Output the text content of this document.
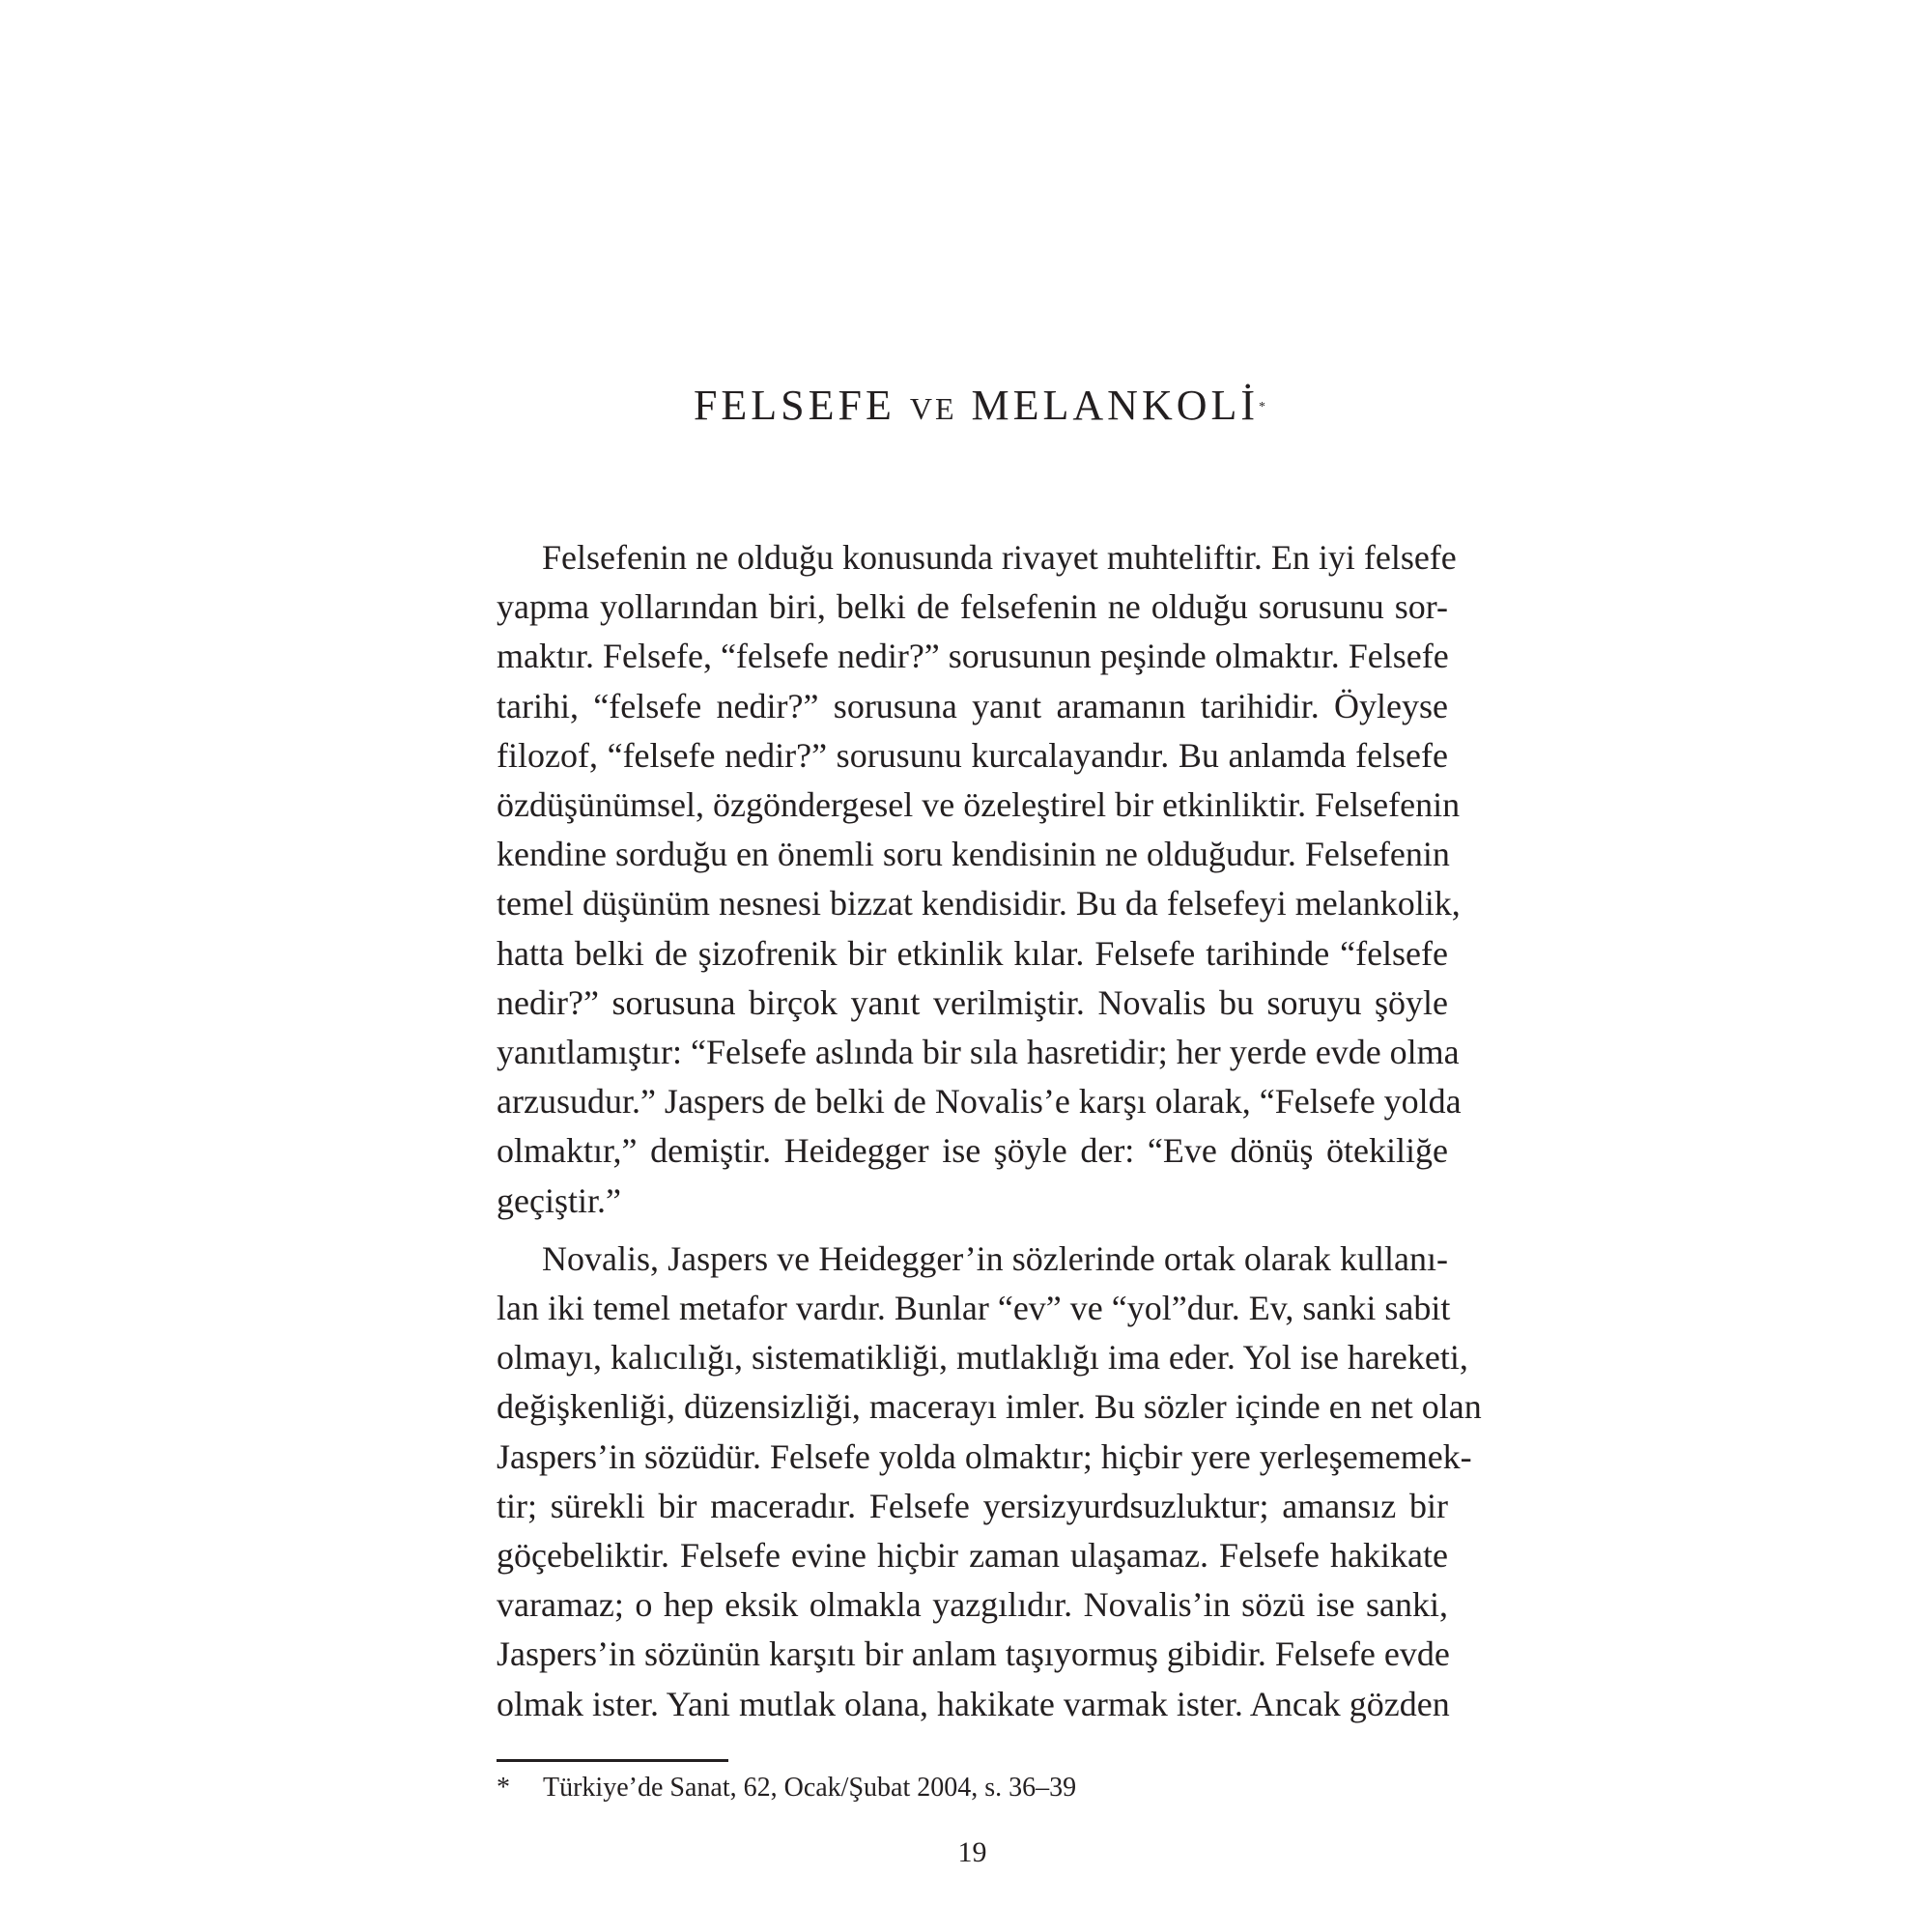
FELSEFE VE MELANKOLİ*

Felsefenin ne olduğu konusunda rivayet muhteliftir. En iyi felsefe
yapma yollarından biri, belki de felsefenin ne olduğu sorusunu sor-
maktır. Felsefe, “felsefe nedir?” sorusunun peşinde olmaktır. Felsefe
tarihi, “felsefe nedir?” sorusuna yanıt aramanın tarihidir. Öyleyse
filozof, “felsefe nedir?” sorusunu kurcalayandır. Bu anlamda felsefe
özdüşünümsel, özgöndergesel ve özeleştirel bir etkinliktir. Felsefenin
kendine sorduğu en önemli soru kendisinin ne olduğudur. Felsefenin
temel düşünüm nesnesi bizzat kendisidir. Bu da felsefeyi melankolik,
hatta belki de şizofrenik bir etkinlik kılar. Felsefe tarihinde “felsefe
nedir?” sorusuna birçok yanıt verilmiştir. Novalis bu soruyu şöyle
yanıtlamıştır: “Felsefe aslında bir sıla hasretidir; her yerde evde olma
arzusudur.” Jaspers de belki de Novalis’e karşı olarak, “Felsefe yolda
olmaktır,” demiştir. Heidegger ise şöyle der: “Eve dönüş ötekiliğe
geçiştir.”

Novalis, Jaspers ve Heidegger’in sözlerinde ortak olarak kullanı-
lan iki temel metafor vardır. Bunlar “ev” ve “yol”dur. Ev, sanki sabit
olmayı, kalıcılığı, sistematikliği, mutlaklığı ima eder. Yol ise hareketi,
değişkenliği, düzensizliği, macerayı imler. Bu sözler içinde en net olan
Jaspers’in sözüdür. Felsefe yolda olmaktır; hiçbir yere yerleşememek-
tir; sürekli bir maceradır. Felsefe yersizyurdsuzluktur; amansız bir
göçebeliktir. Felsefe evine hiçbir zaman ulaşamaz. Felsefe hakikate
varamaz; o hep eksik olmakla yazgılıdır. Novalis’in sözü ise sanki,
Jaspers’in sözünün karşıtı bir anlam taşıyormuş gibidir. Felsefe evde
olmak ister. Yani mutlak olana, hakikate varmak ister. Ancak gözden

* Türkiye’de Sanat, 62, Ocak/Şubat 2004, s. 36–39
19
